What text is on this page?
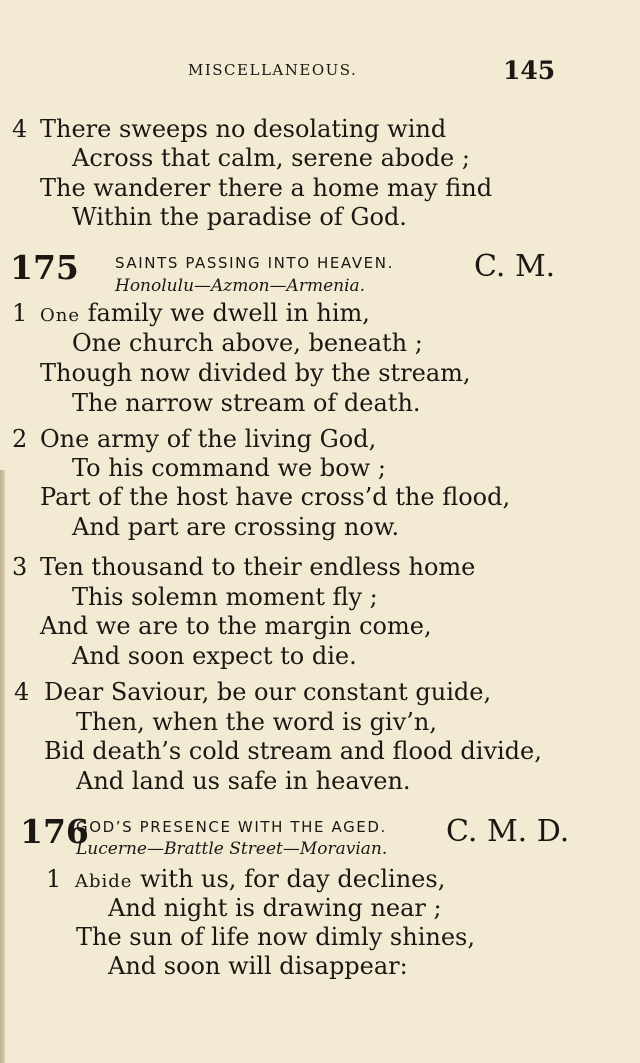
MISCELLANEOUS.	145
4 There sweeps no desolating wind
Across that calm, serene abode ;
The wanderer there a home may find
Within the paradise of God.
175 SAINTS PASSING INTO HEAVEN.
Honolulu—Azmon—Armenia.
C. M.
1 One family we dwell in him,
One church above, beneath ;
Though now divided by the stream,
The narrow stream of death.
2 One army of the living God,
To his command we bow ;
Part of the host have cross’d the flood,
And part are crossing now.
3 Ten thousand to their endless home
This solemn moment fly ;
And we are to the margin come,
And soon expect to die.
4 Dear Saviour, be our constant guide,
Then, when the word is giv’n,
Bid death’s cold stream and flood divide,
And land us safe in heaven.
176
GOD’S PRESENCE WITH THE AGED.
Lucerne—Brattle Street—Moravian. C. M. D.
1 Abide with us, for day declines,
And night is drawing near ;
The sun of life now dimly shines,
And soon will disappear:
